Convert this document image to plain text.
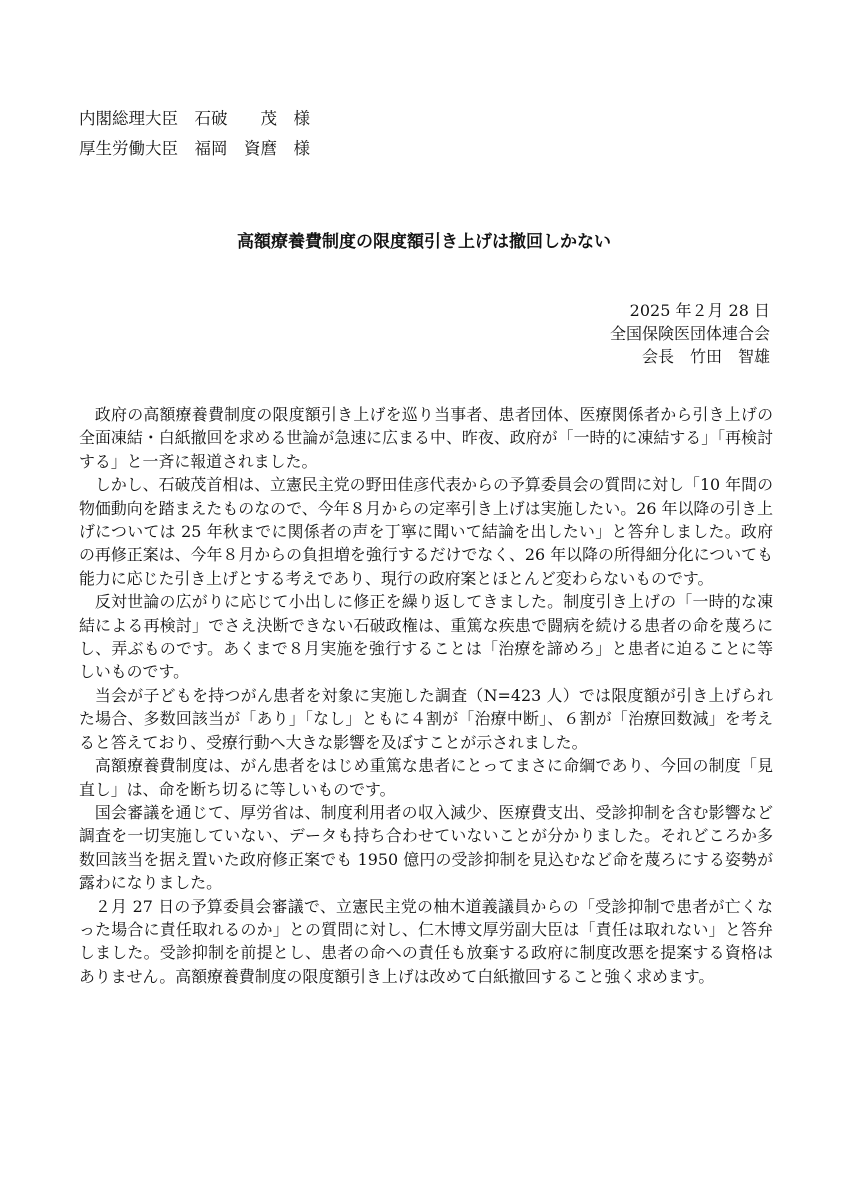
内閣総理大臣　石破　　茂　様
厚生労働大臣　福岡　資麿　様
高額療養費制度の限度額引き上げは撤回しかない
2025 年２月 28 日
全国保険医団体連合会
会長　竹田　智雄

政府の高額療養費制度の限度額引き上げを巡り当事者、患者団体、医療関係者から引き上げの全面凍結・白紙撤回を求める世論が急速に広まる中、昨夜、政府が「一時的に凍結する」「再検討する」と一斉に報道されました。

しかし、石破茂首相は、立憲民主党の野田佳彦代表からの予算委員会の質問に対し「10 年間の物価動向を踏まえたものなので、今年８月からの定率引き上げは実施したい。26 年以降の引き上げについては 25 年秋までに関係者の声を丁寧に聞いて結論を出したい」と答弁しました。政府の再修正案は、今年８月からの負担増を強行するだけでなく、26 年以降の所得細分化についても能力に応じた引き上げとする考えであり、現行の政府案とほとんど変わらないものです。

反対世論の広がりに応じて小出しに修正を繰り返してきました。制度引き上げの「一時的な凍結による再検討」でさえ決断できない石破政権は、重篤な疾患で闘病を続ける患者の命を蔑ろにし、弄ぶものです。あくまで８月実施を強行することは「治療を諦めろ」と患者に迫ることに等しいものです。

当会が子どもを持つがん患者を対象に実施した調査（N=423 人）では限度額が引き上げられた場合、多数回該当が「あり」「なし」ともに４割が「治療中断」、６割が「治療回数減」を考えると答えており、受療行動へ大きな影響を及ぼすことが示されました。

高額療養費制度は、がん患者をはじめ重篤な患者にとってまさに命綱であり、今回の制度「見直し」は、命を断ち切るに等しいものです。

国会審議を通じて、厚労省は、制度利用者の収入減少、医療費支出、受診抑制を含む影響など調査を一切実施していない、データも持ち合わせていないことが分かりました。それどころか多数回該当を据え置いた政府修正案でも 1950 億円の受診抑制を見込むなど命を蔑ろにする姿勢が露わになりました。

２月 27 日の予算委員会審議で、立憲民主党の柚木道義議員からの「受診抑制で患者が亡くなった場合に責任取れるのか」との質問に対し、仁木博文厚労副大臣は「責任は取れない」と答弁しました。受診抑制を前提とし、患者の命への責任も放棄する政府に制度改悪を提案する資格はありません。高額療養費制度の限度額引き上げは改めて白紙撤回すること強く求めます。
